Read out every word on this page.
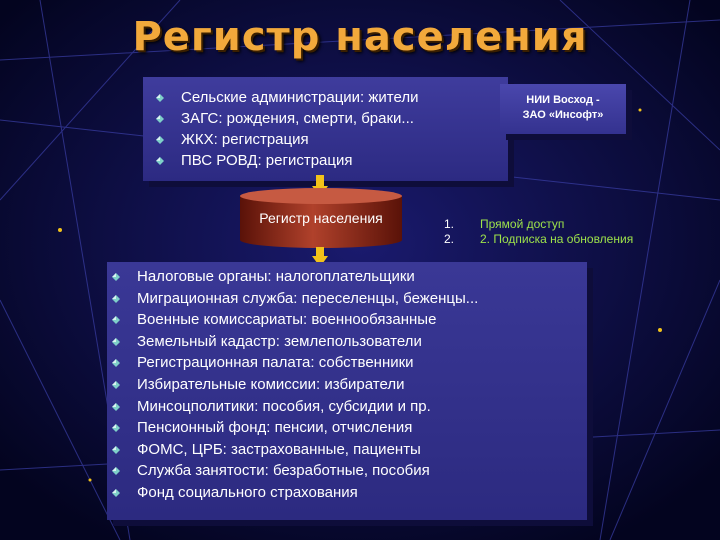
Регистр населения
Сельские администрации: жители
ЗАГС: рождения, смерти, браки...
ЖКХ: регистрация
ПВС РОВД: регистрация
НИИ Восход -
ЗАО «Инсофт»
Регистр населения	1. Прямой доступ
2. 2. Подписка на обновления
Налоговые органы: налогоплательщики
Миграционная служба: переселенцы, беженцы...
Военные комиссариаты: военнообязанные
Земельный кадастр: землепользователи
Регистрационная палата: собственники
Избирательные комиссии: избиратели
Минсоцполитики: пособия, субсидии и пр.
Пенсионный фонд: пенсии, отчисления
ФОМС, ЦРБ: застрахованные, пациенты
Служба занятости: безработные, пособия
Фонд социального страхования
